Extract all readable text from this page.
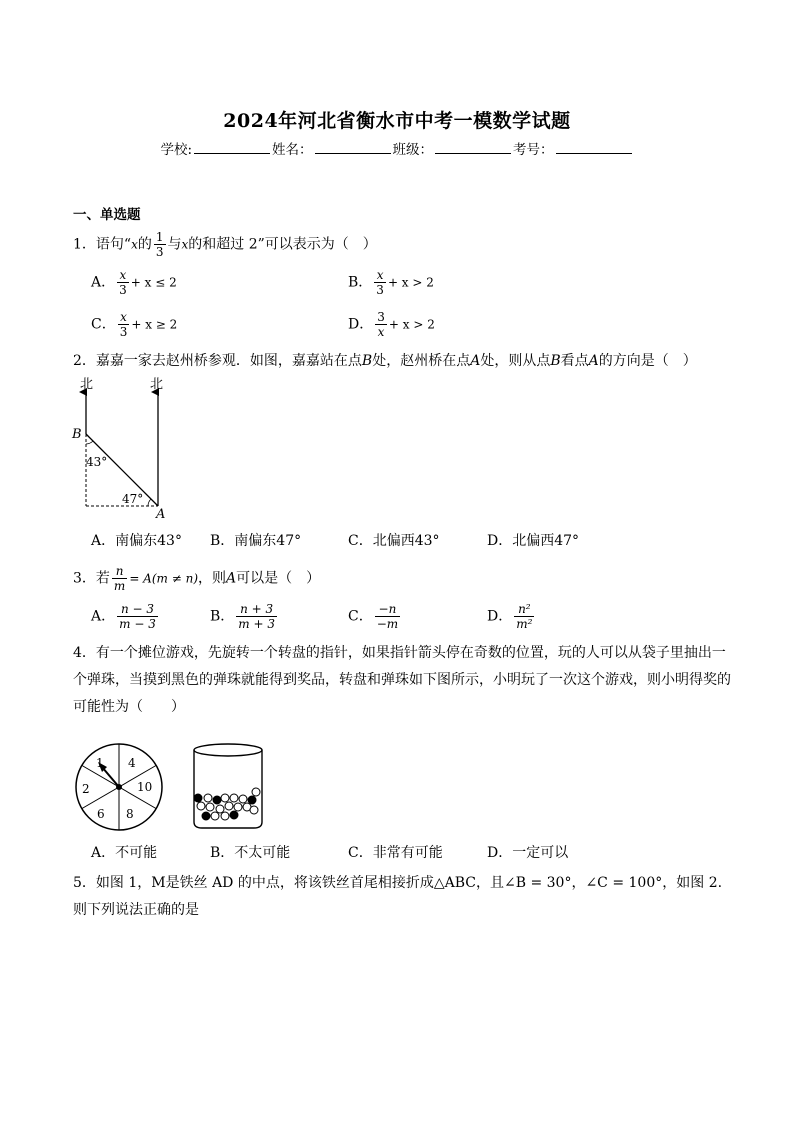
2024年河北省衡水市中考一模数学试题
学校:	姓名：	班级：	考号：
一、单选题
1．语句“x的 $\frac{1}{3}$ 与x的和超过 2”可以表示为（　）
A． $\frac{x}{3} + x \le 2$	B． $\frac{x}{3} + x > 2$
C． $\frac{x}{3} + x \ge 2$	D． $\frac{3}{x} + x > 2$
2．嘉嘉一家去赵州桥参观．如图，嘉嘉站在点B处，赵州桥在点A处，则从点B看点A的方向是（　）
北	北
B
A
43°
47°
A．南偏东43° B．南偏东47°	C．北偏西43°	D．北偏西47°
3．若 $\frac{n}{m} = A(m \ne n)$，则A可以是（　）
A． $\frac{n - 3}{m - 3}$	B． $\frac{n + 3}{m + 3}$	C． $\frac{-n}{-m}$	D． $\frac{\text{n²}}{\text{m²}}$
4．有一个摊位游戏，先旋转一个转盘的指针，如果指针箭头停在奇数的位置，玩的人可以从袋子里抽出一个弹珠，当摸到黑色的弹珠就能得到奖品，转盘和弹珠如下图所示，小明玩了一次这个游戏，则小明得奖的可能性为（　　）
1 4
10
8
6
2
A．不可能	B．不太可能	C．非常有可能	D．一定可以
5．如图 1，M是铁丝 AD 的中点，将该铁丝首尾相接折成△ABC，且∠B = 30°，∠C = 100°，如图 2.则下列说法正确的是
